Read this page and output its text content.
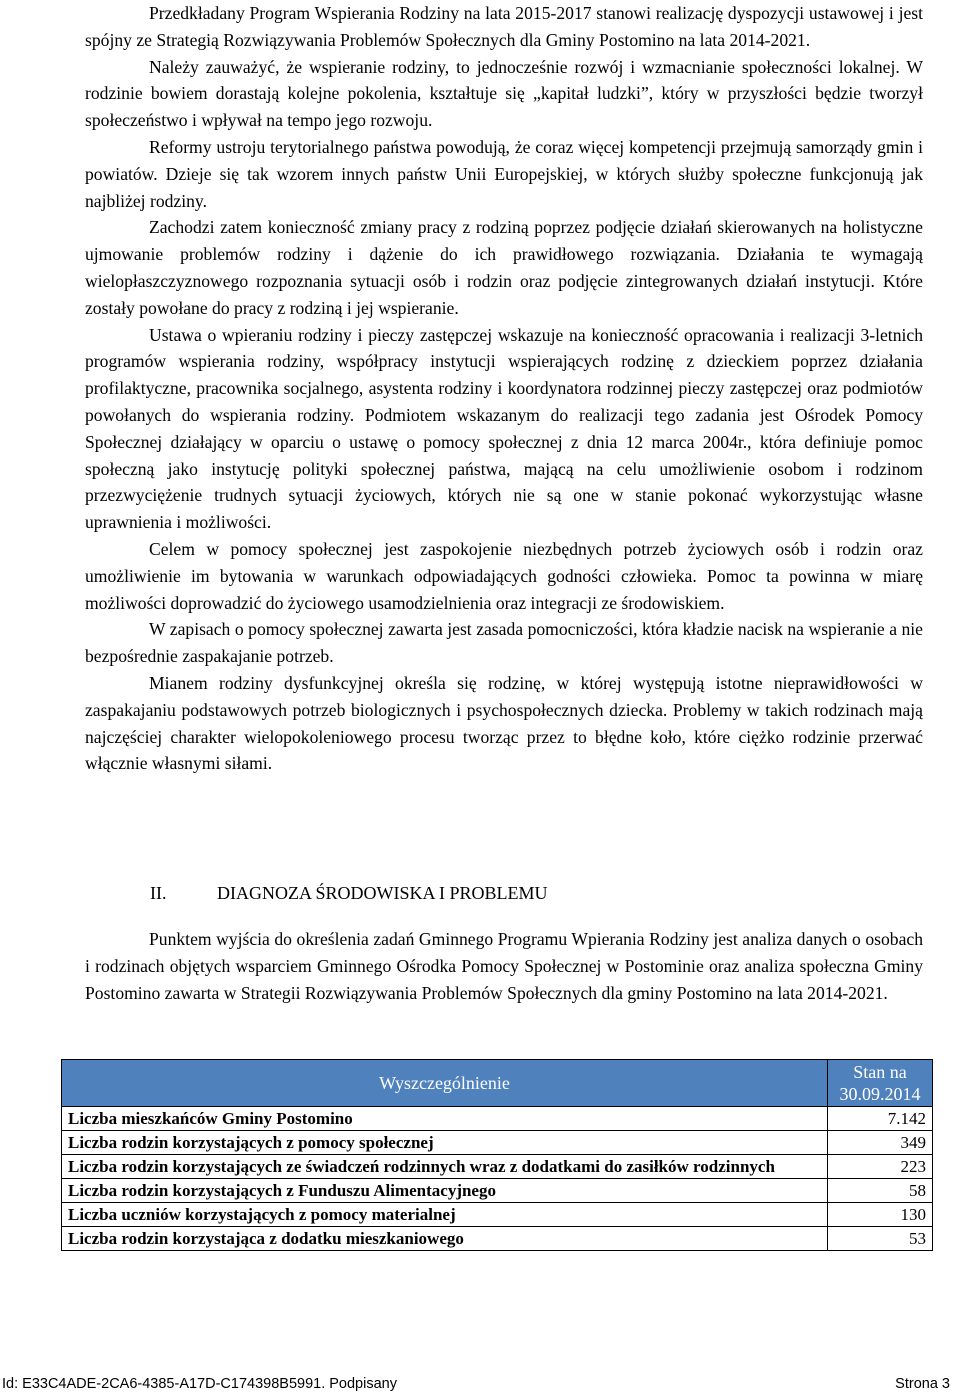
Przedkładany Program Wspierania Rodziny na lata 2015-2017 stanowi realizację dyspozycji ustawowej i jest spójny ze Strategią Rozwiązywania Problemów Społecznych dla Gminy Postomino na lata 2014-2021.

Należy zauważyć, że wspieranie rodziny, to jednocześnie rozwój i wzmacnianie społeczności lokalnej. W rodzinie bowiem dorastają kolejne pokolenia, kształtuje się „kapitał ludzki”, który w przyszłości będzie tworzył społeczeństwo i wpływał na tempo jego rozwoju.

Reformy ustroju terytorialnego państwa powodują, że coraz więcej kompetencji przejmują samorządy gmin i powiatów. Dzieje się tak wzorem innych państw Unii Europejskiej, w których służby społeczne funkcjonują jak najbliżej rodziny.

Zachodzi zatem konieczność zmiany pracy z rodziną poprzez podjęcie działań skierowanych na holistyczne ujmowanie problemów rodziny i dążenie do ich prawidłowego rozwiązania. Działania te wymagają wielopłaszczyznowego rozpoznania sytuacji osób i rodzin oraz podjęcie zintegrowanych działań instytucji. Które zostały powołane do pracy z rodziną i jej wspieranie.

Ustawa o wpieraniu rodziny i pieczy zastępczej wskazuje na konieczność opracowania i realizacji 3-letnich programów wspierania rodziny, współpracy instytucji wspierających rodzinę z dzieckiem poprzez działania profilaktyczne, pracownika socjalnego, asystenta rodziny i koordynatora rodzinnej pieczy zastępczej oraz podmiotów powołanych do wspierania rodziny. Podmiotem wskazanym do realizacji tego zadania jest Ośrodek Pomocy Społecznej działający w oparciu o ustawę o pomocy społecznej z dnia 12 marca 2004r., która definiuje pomoc społeczną jako instytucję polityki społecznej państwa, mającą na celu umożliwienie osobom i rodzinom przezwyciężenie trudnych sytuacji życiowych, których nie są one w stanie pokonać wykorzystując własne uprawnienia i możliwości.

Celem w pomocy społecznej jest zaspokojenie niezbędnych potrzeb życiowych osób i rodzin oraz umożliwienie im bytowania w warunkach odpowiadających godności człowieka. Pomoc ta powinna w miarę możliwości doprowadzić do życiowego usamodzielnienia oraz integracji ze środowiskiem.

W zapisach o pomocy społecznej zawarta jest zasada pomocniczości, która kładzie nacisk na wspieranie a nie bezpośrednie zaspakajanie potrzeb.

Mianem rodziny dysfunkcyjnej określa się rodzinę, w której występują istotne nieprawidłowości w zaspakajaniu podstawowych potrzeb biologicznych i psychospołecznych dziecka. Problemy w takich rodzinach mają najczęściej charakter wielopokoleniowego procesu tworząc przez to błędne koło, które ciężko rodzinie przerwać włącznie własnymi siłami.

II.	DIAGNOZA ŚRODOWISKA I PROBLEMU

Punktem wyjścia do określenia zadań Gminnego Programu Wpierania Rodziny jest analiza danych o osobach i rodzinach objętych wsparciem Gminnego Ośrodka Pomocy Społecznej w Postominie oraz analiza społeczna Gminy Postomino zawarta w Strategii Rozwiązywania Problemów Społecznych dla gminy Postomino na lata 2014-2021.

Wyszczególnienie	Stan na 30.09.2014
Liczba mieszkańców Gminy Postomino	7.142
Liczba rodzin korzystających z pomocy społecznej	349
Liczba rodzin korzystających ze świadczeń rodzinnych wraz z dodatkami do zasiłków rodzinnych	223
Liczba rodzin korzystających z Funduszu Alimentacyjnego	58
Liczba uczniów korzystających z pomocy materialnej	130
Liczba rodzin korzystająca z dodatku mieszkaniowego	53
Id: E33C4ADE-2CA6-4385-A17D-C174398B5991. Podpisany	Strona 3
